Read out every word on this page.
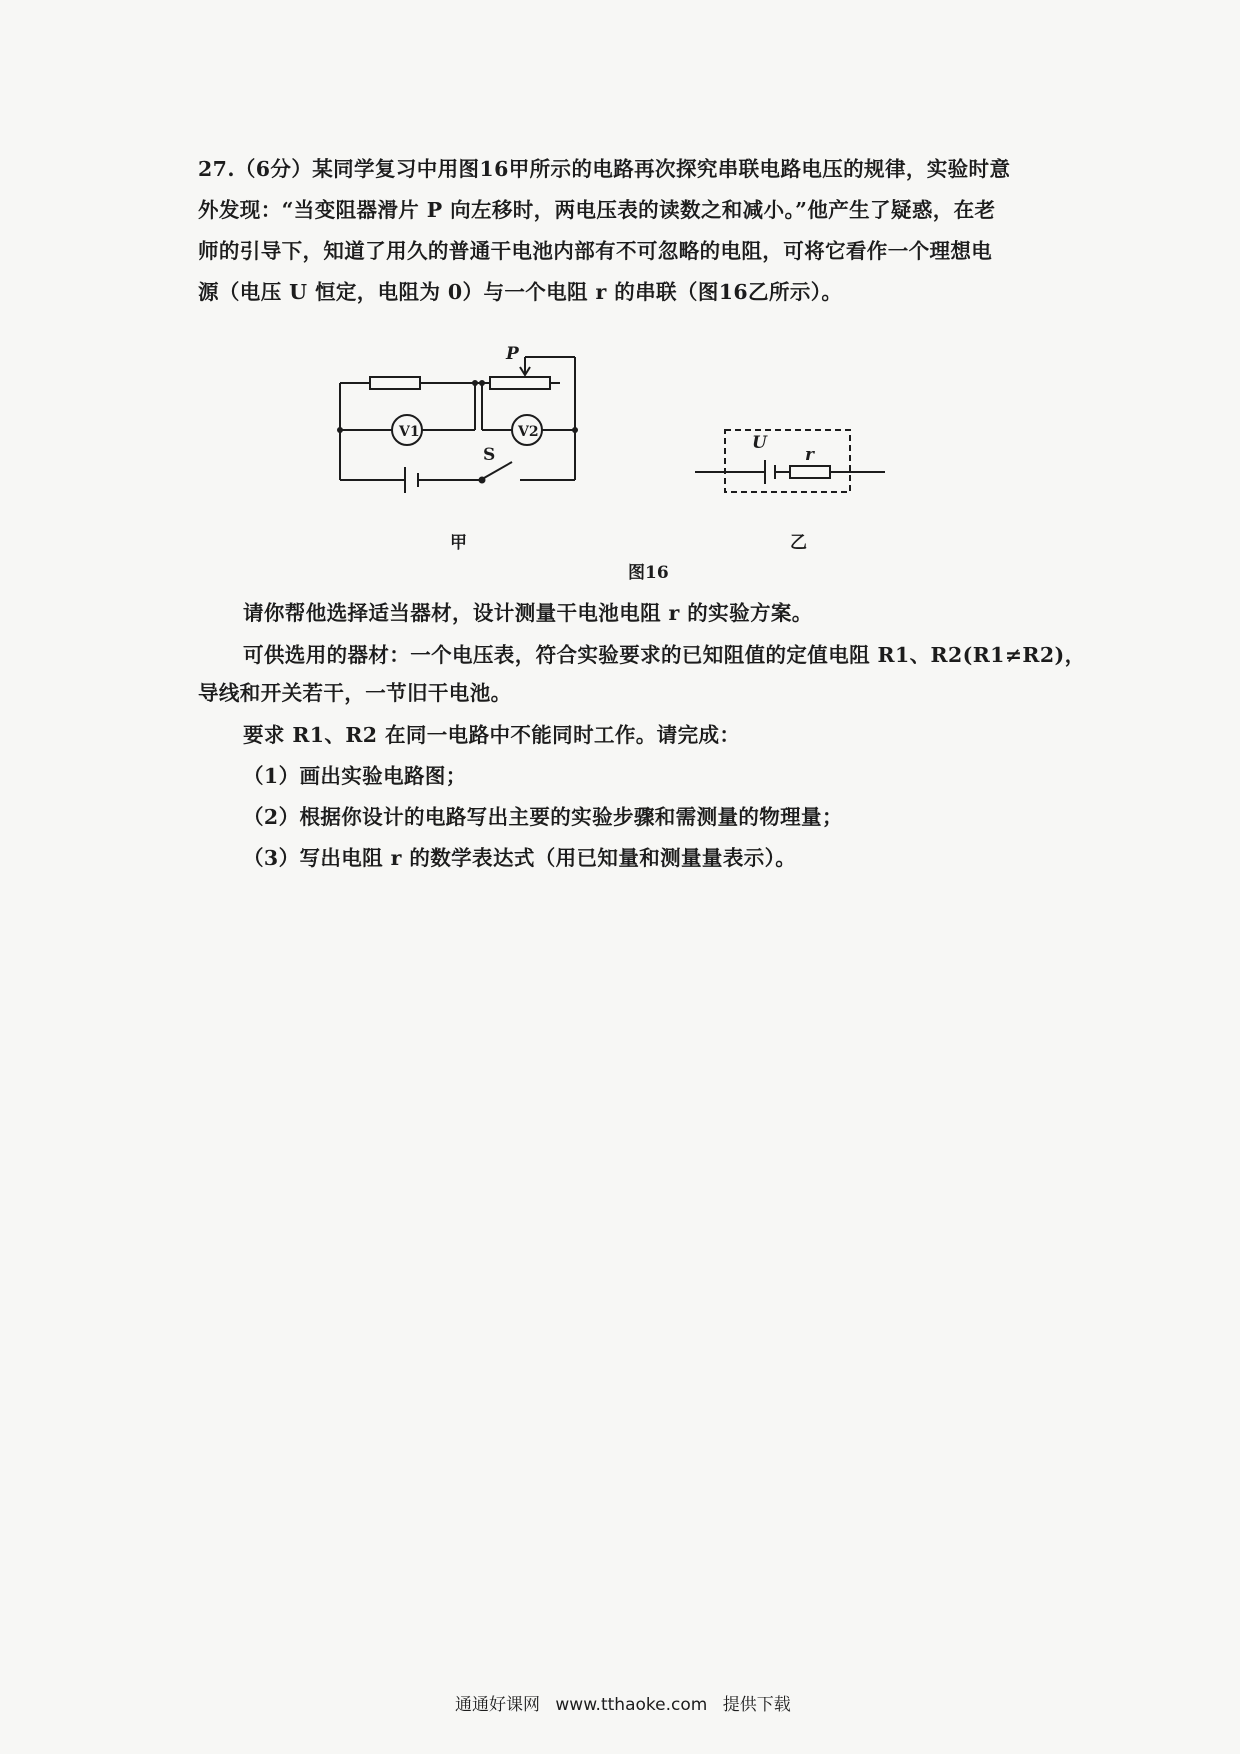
27.（6分）某同学复习中用图16甲所示的电路再次探究串联电路电压的规律，实验时意
外发现：“当变阻器滑片 P 向左移时，两电压表的读数之和减小。”他产生了疑惑，在老
师的引导下，知道了用久的普通干电池内部有不可忽略的电阻，可将它看作一个理想电
源（电压 U 恒定，电阻为 0）与一个电阻 r 的串联（图16乙所示）。
P
S
V1	V2
甲
U
r
乙
图16
请你帮他选择适当器材，设计测量干电池电阻 r 的实验方案。
可供选用的器材：一个电压表，符合实验要求的已知阻值的定值电阻 R1、R2(R1≠R2)，
导线和开关若干，一节旧干电池。
要求 R1、R2 在同一电路中不能同时工作。请完成：
（1）画出实验电路图；
（2）根据你设计的电路写出主要的实验步骤和需测量的物理量；
（3）写出电阻 r 的数学表达式（用已知量和测量量表示）。
通通好课网 www.tthaoke.com 提供下载
